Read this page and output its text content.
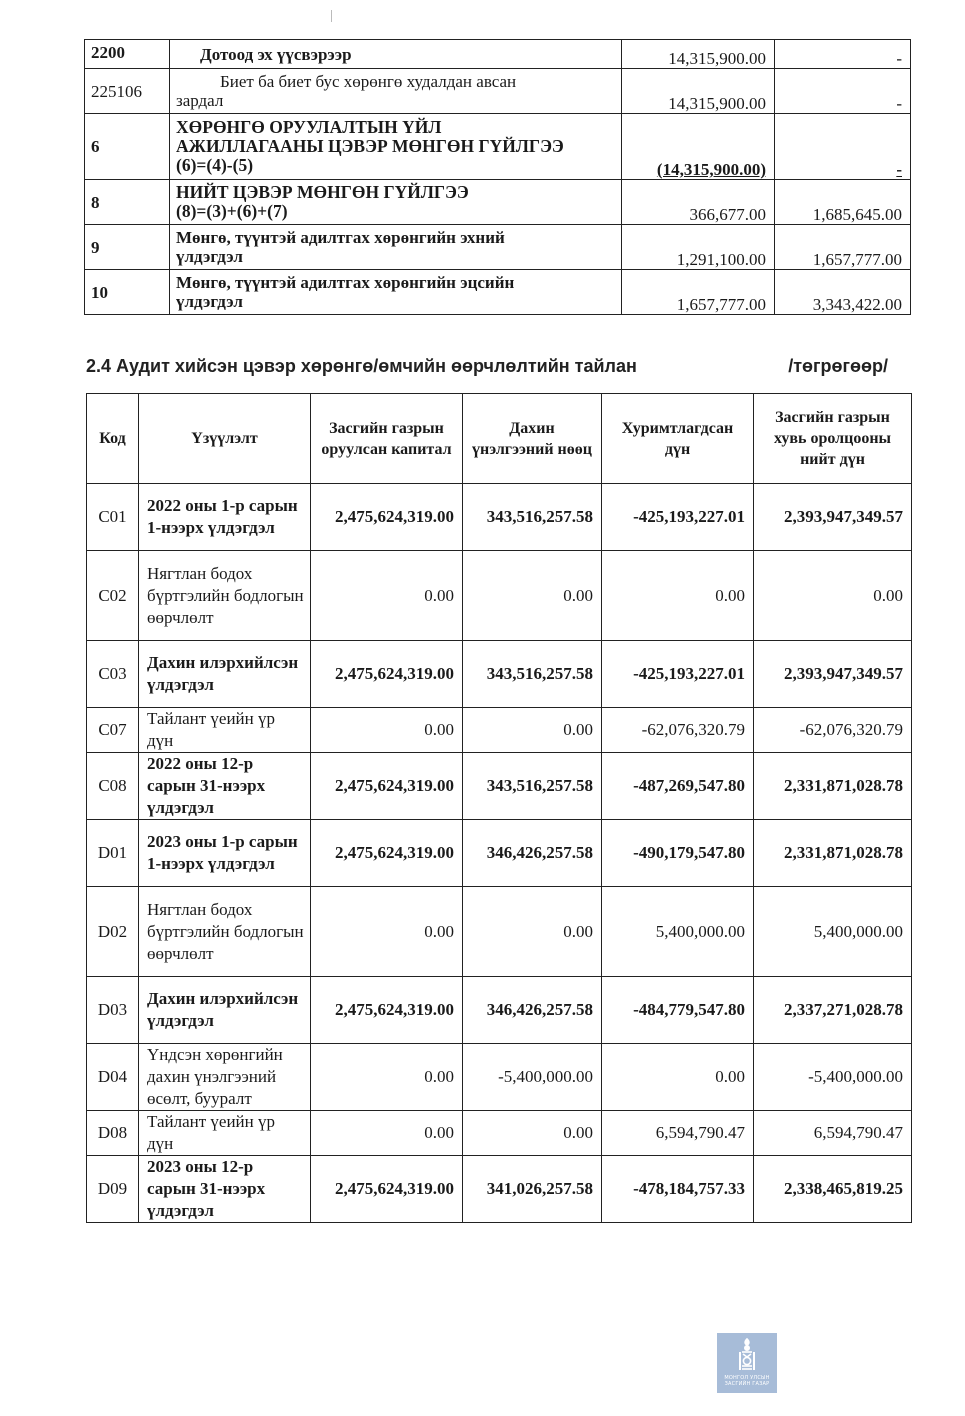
2200	Дотоод эх үүсвэрээр	14,315,900.00	-
225106	Биет ба биет бус хөрөнгө худалдан авсан
зардал	14,315,900.00	-
6	ХӨРӨНГӨ ОРУУЛАЛТЫН ҮЙЛ
АЖИЛЛАГААНЫ ЦЭВЭР МӨНГӨН ГҮЙЛГЭЭ
(6)=(4)-(5)	(14,315,900.00)	-
8	НИЙТ ЦЭВЭР МӨНГӨН ГҮЙЛГЭЭ
(8)=(3)+(6)+(7)	366,677.00	1,685,645.00
9	Мөнгө, түүнтэй адилтгах хөрөнгийн эхний
үлдэгдэл	1,291,100.00	1,657,777.00
10	Мөнгө, түүнтэй адилтгах хөрөнгийн эцсийн
үлдэгдэл	1,657,777.00	3,343,422.00
2.4 Аудит хийсэн цэвэр хөрөнгө/өмчийн өөрчлөлтийн тайлан	/төгрөгөөр/
Код	Үзүүлэлт	Засгийн газрын оруулсан капитал	Дахин үнэлгээний нөөц	Хуримтлагдсан дүн	Засгийн газрын хувь оролцооны нийт дүн
C01	2022 оны 1-р сарын 1-нээрх үлдэгдэл	2,475,624,319.00	343,516,257.58	-425,193,227.01	2,393,947,349.57
C02	Нягтлан бодох бүртгэлийн бодлогын өөрчлөлт	0.00	0.00	0.00	0.00
C03	Дахин илэрхийлсэн үлдэгдэл	2,475,624,319.00	343,516,257.58	-425,193,227.01	2,393,947,349.57
C07	Тайлант үеийн үр дүн	0.00	0.00	-62,076,320.79	-62,076,320.79
C08	2022 оны 12-р сарын 31-нээрх үлдэгдэл	2,475,624,319.00	343,516,257.58	-487,269,547.80	2,331,871,028.78
D01	2023 оны 1-р сарын 1-нээрх үлдэгдэл	2,475,624,319.00	346,426,257.58	-490,179,547.80	2,331,871,028.78
D02	Нягтлан бодох бүртгэлийн бодлогын өөрчлөлт	0.00	0.00	5,400,000.00	5,400,000.00
D03	Дахин илэрхийлсэн үлдэгдэл	2,475,624,319.00	346,426,257.58	-484,779,547.80	2,337,271,028.78
D04	Үндсэн хөрөнгийн дахин үнэлгээний өсөлт, бууралт	0.00	-5,400,000.00	0.00	-5,400,000.00
D08	Тайлант үеийн үр дүн	0.00	0.00	6,594,790.47	6,594,790.47
D09	2023 оны 12-р сарын 31-нээрх үлдэгдэл	2,475,624,319.00	341,026,257.58	-478,184,757.33	2,338,465,819.25
МОНГОЛ УЛСЫН
ЗАСГИЙН ГАЗАР
